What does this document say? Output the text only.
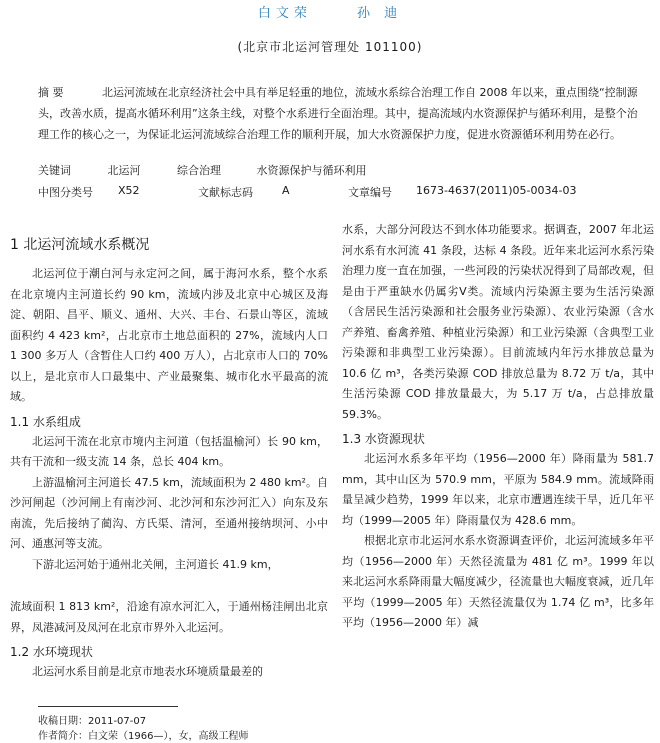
白文荣	孙 迪
(北京市北运河管理处 101100)
摘 要	北运河流域在北京经济社会中具有举足轻重的地位，流域水系综合治理工作自 2008 年以来，重点围绕“控制源头，改善水质，提高水循环利用”这条主线，对整个水系进行全面治理。其中，提高流域内水资源保护与循环利用，是整个治理工作的核心之一，为保证北运河流域综合治理工作的顺利开展，加大水资源保护力度，促进水资源循环利用势在必行。
关键词	北运河	综合治理	水资源保护与循环利用
中图分类号 X52	文献标志码	A	文章编号 1673-4637(2011)05-0034-03
1 北运河流域水系概况

北运河位于潮白河与永定河之间，属于海河水系，整个水系在北京境内主河道长约 90 km，流域内涉及北京中心城区及海淀、朝阳、昌平、顺义、通州、大兴、丰台、石景山等区，流域面积约 4 423 km²，占北京市土地总面积的 27%，流域内人口 1 300 多万人（含暂住人口约 400 万人），占北京市人口的 70%以上，是北京市人口最集中、产业最聚集、城市化水平最高的流域。

1.1 水系组成

北运河干流在北京市境内主河道（包括温榆河）长 90 km，共有干流和一级支流 14 条，总长 404 km。

上游温榆河主河道长 47.5 km，流域面积为 2 480 km²。自沙河闸起（沙河闸上有南沙河、北沙河和东沙河汇入）向东及东南流，先后接纳了蔺沟、方氏渠、清河，至通州接纳坝河、小中河、通惠河等支流。

下游北运河始于通州北关闸，主河道长 41.9 km，

流域面积 1 813 km²，沿途有凉水河汇入，于通州杨洼闸出北京界，凤港减河及凤河在北京市界外入北运河。

1.2 水环境现状

北运河水系目前是北京市地表水环境质量最差的

水系，大部分河段达不到水体功能要求。据调查，2007 年北运河水系有水河流 41 条段，达标 4 条段。近年来北运河水系污染治理力度一直在加强，一些河段的污染状况得到了局部改观，但是由于严重缺水仍属劣Ⅴ类。流域内污染源主要为生活污染源（含居民生活污染源和社会服务业污染源）、农业污染源（含水产养殖、畜禽养殖、种植业污染源）和工业污染源（含典型工业污染源和非典型工业污染源）。目前流域内年污水排放总量为 10.6 亿 m³，各类污染源 COD 排放总量为 8.72 万 t/a，其中生活污染源 COD 排放量最大，为 5.17 万 t/a，占总排放量 59.3%。

1.3 水资源现状

北运河水系多年平均（1956—2000 年）降雨量为 581.7 mm，其中山区为 570.9 mm，平原为 584.9 mm。流域降雨量呈减少趋势，1999 年以来，北京市遭遇连续干旱，近几年平均（1999—2005 年）降雨量仅为 428.6 mm。

根据北京市北运河水系水资源调查评价，北运河流域多年平均（1956—2000 年）天然径流量为 481 亿 m³。1999 年以来北运河水系降雨量大幅度减少，径流量也大幅度衰减，近几年平均（1999—2005 年）天然径流量仅为 1.74 亿 m³，比多年平均（1956—2000 年）减

收稿日期：2011-07-07
作者简介：白文荣（1966—），女，高级工程师
